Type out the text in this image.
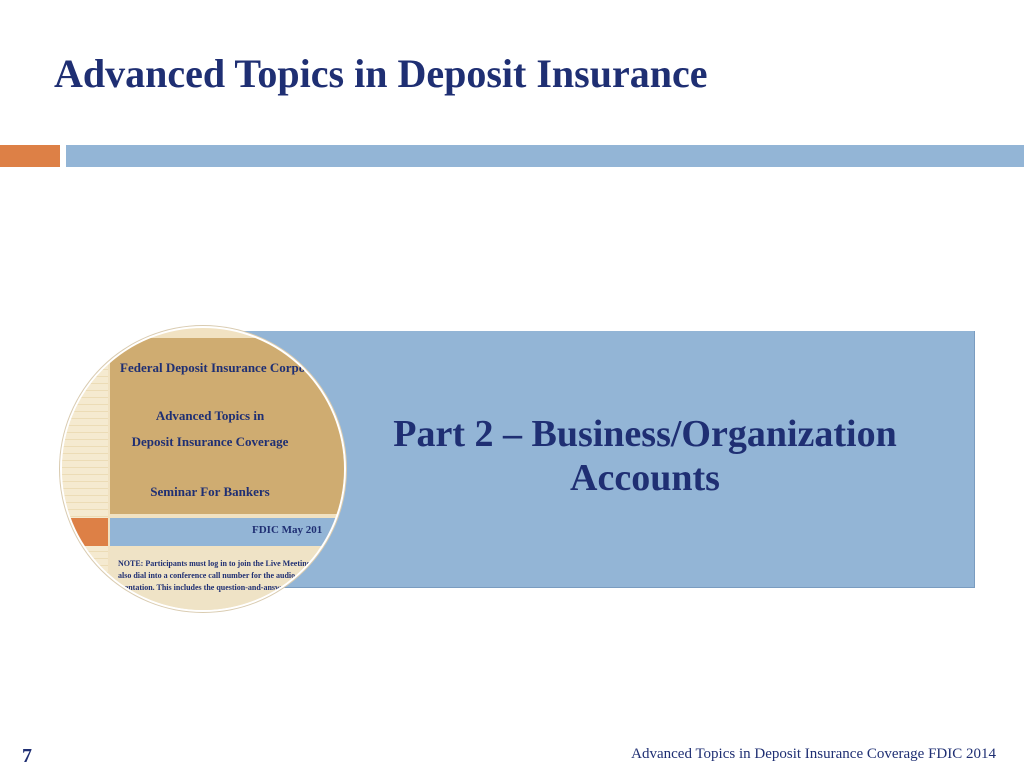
Advanced Topics in Deposit Insurance
Part 2 – Business/Organization
Accounts
Federal Deposit Insurance Corpo
Advanced Topics in
Deposit Insurance Coverage
Seminar For Bankers
FDIC May 201
NOTE: Participants must log in to join the Live Meeting and
also dial into a conference call number for the audio por
esentation. This includes the question-and-answe
7	Advanced Topics in Deposit Insurance Coverage FDIC 2014
